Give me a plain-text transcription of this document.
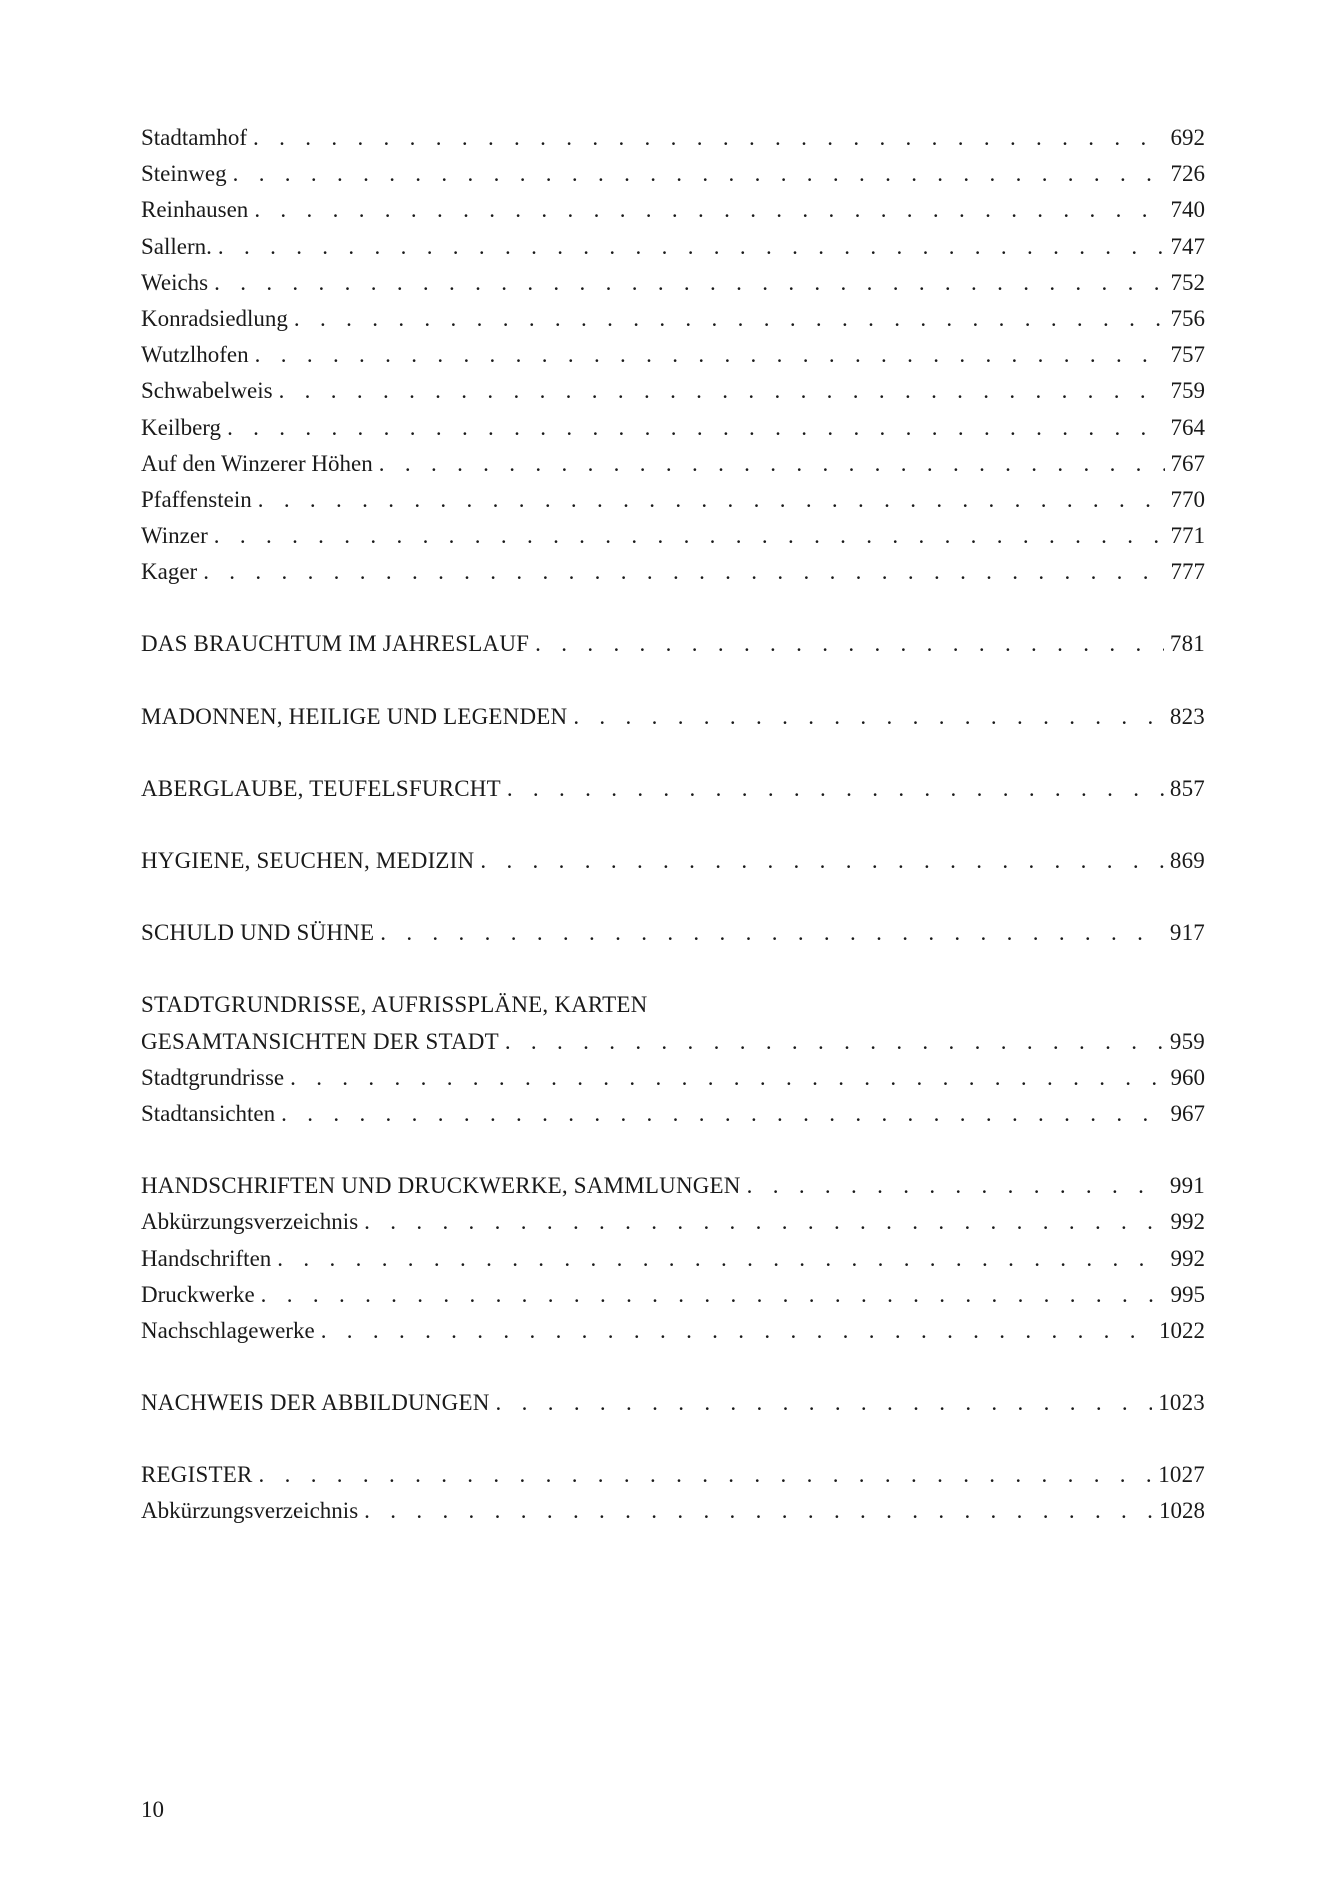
Stadtamhof . . .	692
Steinweg . . .	726
Reinhausen . . .	740
Sallern. . . .	747
Weichs . . .	752
Konradsiedlung . . .	756
Wutzlhofen . . .	757
Schwabelweis . . .	759
Keilberg . . .	764
Auf den Winzerer Höhen . . .	767
Pfaffenstein . . .	770
Winzer . . .	771
Kager . . .	777
DAS BRAUCHTUM IM JAHRESLAUF . . .	781
MADONNEN, HEILIGE UND LEGENDEN . . .	823
ABERGLAUBE, TEUFELSFURCHT . . .	857
HYGIENE, SEUCHEN, MEDIZIN . . .	869
SCHULD UND SÜHNE . . .	917
STADTGRUNDRISSE, AUFRISSPLÄNE, KARTEN
GESAMTANSICHTEN DER STADT . . .	959
Stadtgrundrisse . . .	960
Stadtansichten . . .	967
HANDSCHRIFTEN UND DRUCKWERKE, SAMMLUNGEN . . .	991
Abkürzungsverzeichnis . . .	992
Handschriften . . .	992
Druckwerke . . .	995
Nachschlagewerke . . .	1022
NACHWEIS DER ABBILDUNGEN . . .	1023
REGISTER . . .	1027
Abkürzungsverzeichnis . . .	1028
10
